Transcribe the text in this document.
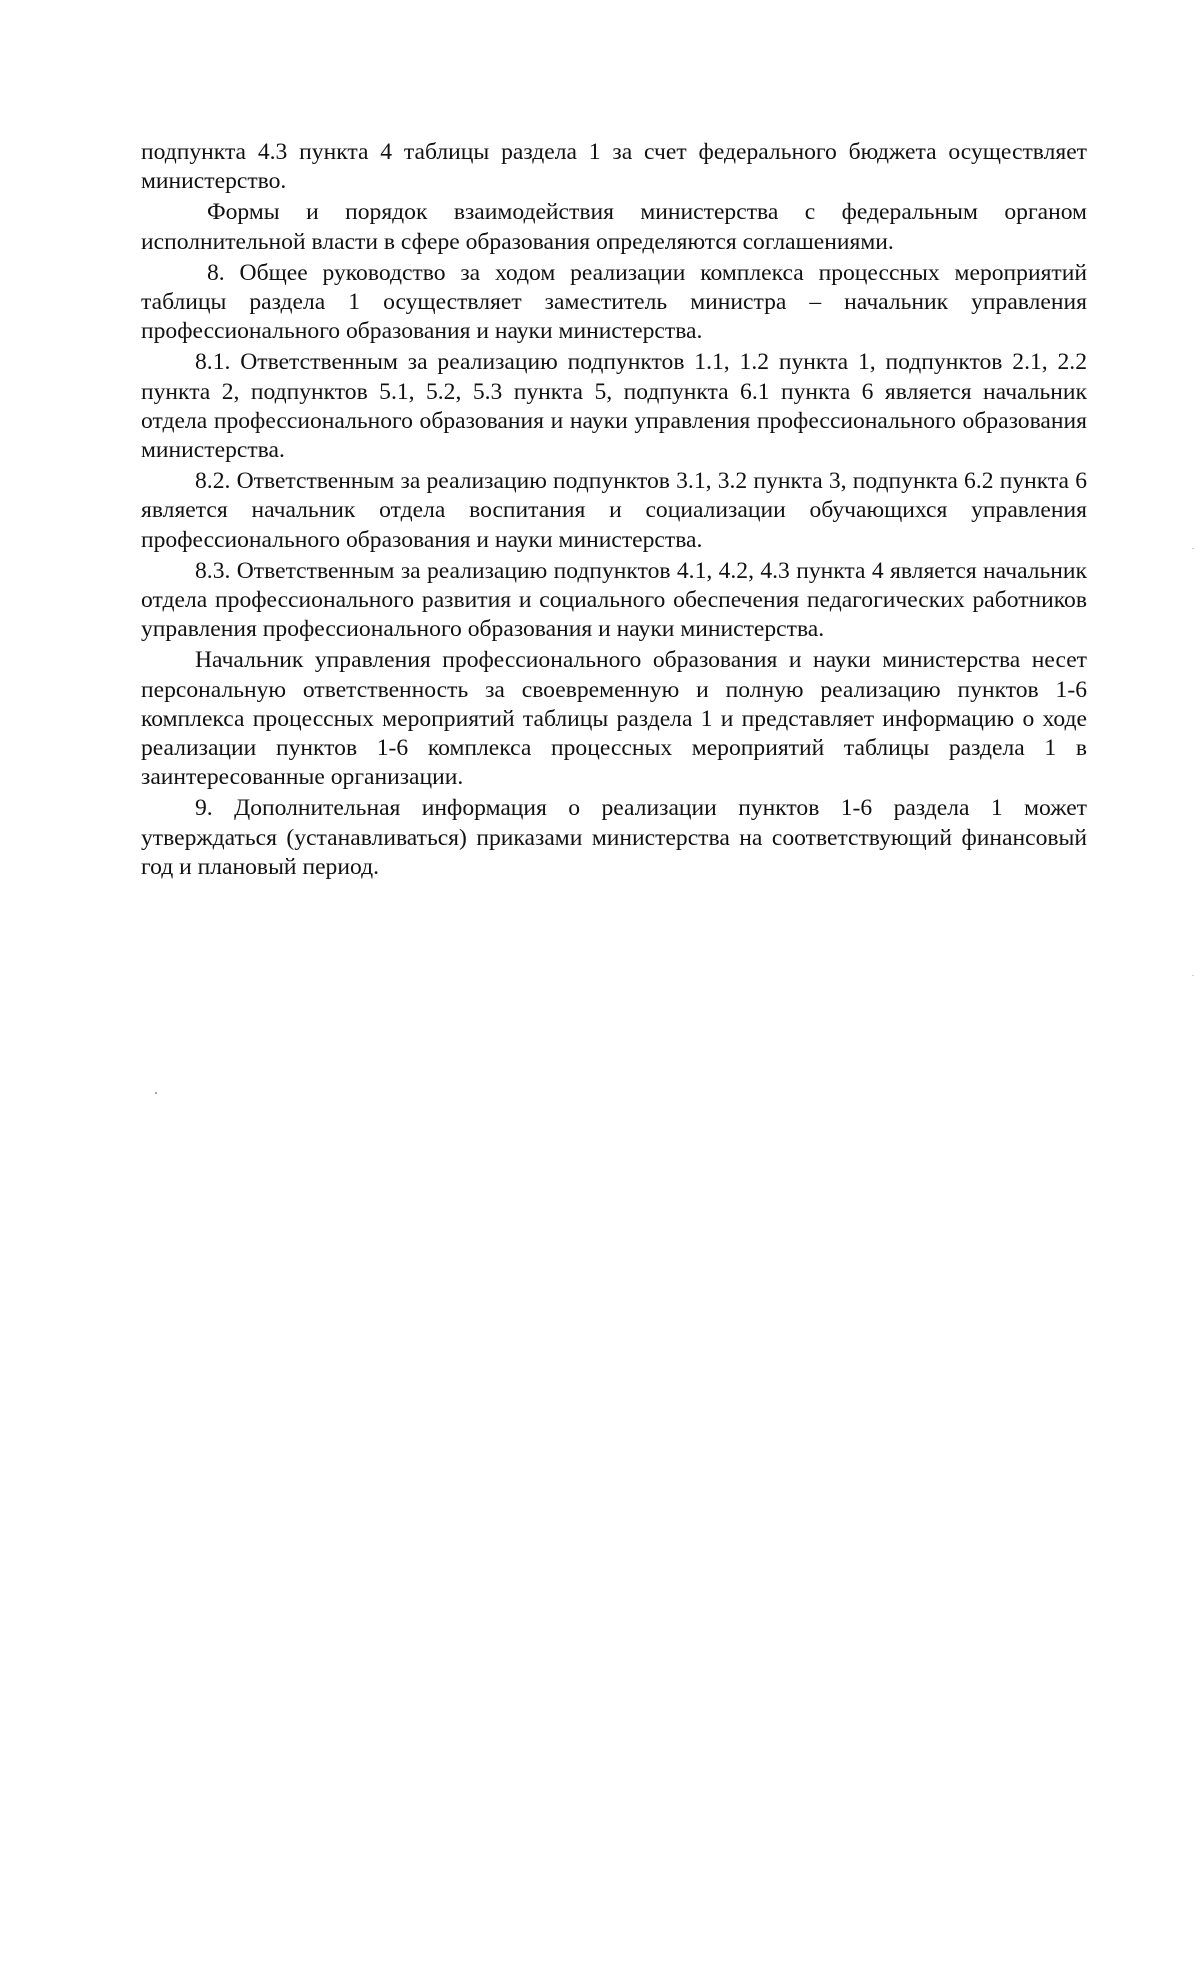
подпункта 4.3 пункта 4 таблицы раздела 1 за счет федерального бюджета осуществляет министерство.

Формы и порядок взаимодействия министерства с федеральным органом исполнительной власти в сфере образования определяются соглашениями.

8. Общее руководство за ходом реализации комплекса процессных мероприятий таблицы раздела 1 осуществляет заместитель министра – начальник управления профессионального образования и науки министерства.

8.1. Ответственным за реализацию подпунктов 1.1, 1.2 пункта 1, подпунктов 2.1, 2.2 пункта 2, подпунктов 5.1, 5.2, 5.3 пункта 5, подпункта 6.1 пункта 6 является начальник отдела профессионального образования и науки управления профессионального образования министерства.

8.2. Ответственным за реализацию подпунктов 3.1, 3.2 пункта 3, подпункта 6.2 пункта 6 является начальник отдела воспитания и социализации обучающихся управления профессионального образования и науки министерства.

8.3. Ответственным за реализацию подпунктов 4.1, 4.2, 4.3 пункта 4 является начальник отдела профессионального развития и социального обеспечения педагогических работников управления профессионального образования и науки министерства.

Начальник управления профессионального образования и науки министерства несет персональную ответственность за своевременную и полную реализацию пунктов 1-6 комплекса процессных мероприятий таблицы раздела 1 и представляет информацию о ходе реализации пунктов 1-6 комплекса процессных мероприятий таблицы раздела 1 в заинтересованные организации.

9. Дополнительная информация о реализации пунктов 1-6 раздела 1 может утверждаться (устанавливаться) приказами министерства на соответствующий финансовый год и плановый период.
